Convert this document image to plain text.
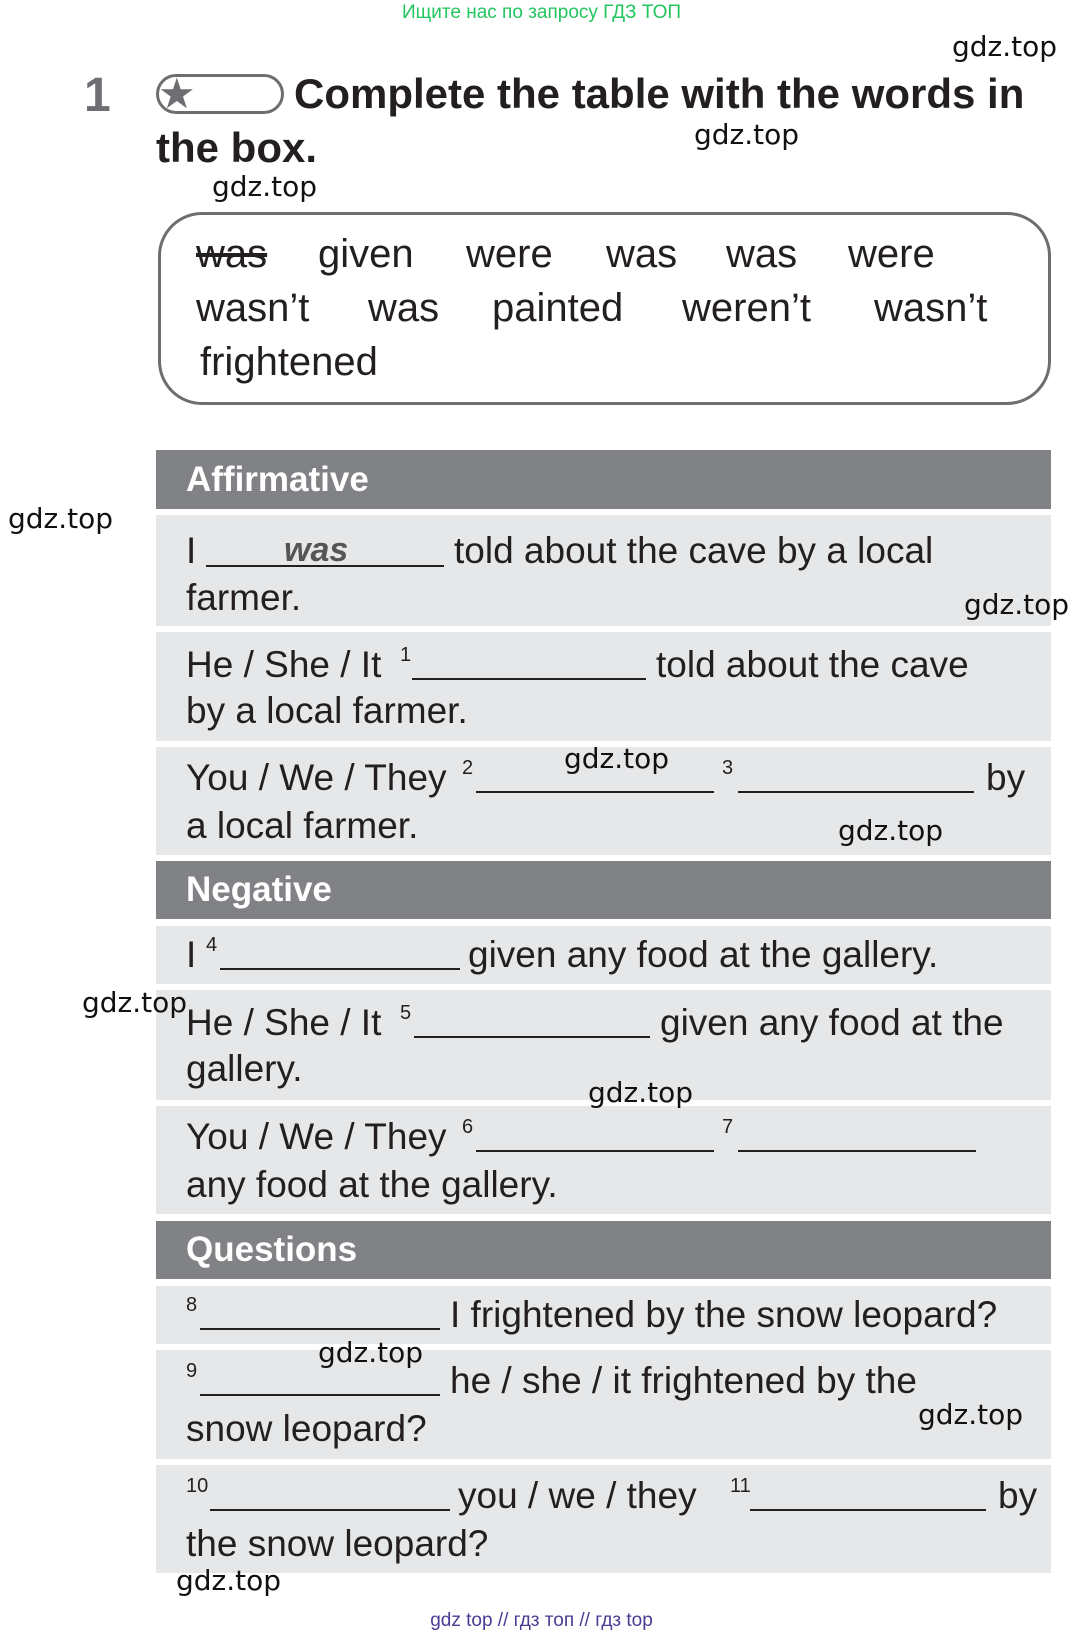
Ищите нас по запросу ГДЗ ТОП
1 ★ Complete the table with the words in
the box.
was given were was was were
wasn’t was painted weren’t wasn’t
frightened
Affirmative
I	was	told about the cave by a local
farmer.
He / She / It 1	told about the cave
by a local farmer.
You / We / They 2	3	by
a local farmer.
Negative
I 4	given any food at the gallery.
He / She / It 5	given any food at the
gallery.
You / We / They 6	7
any food at the gallery.
Questions
8	I frightened by the snow leopard?
9	he / she / it frightened by the
snow leopard?
10	you / we / they 11	by
the snow leopard?
gdz.top
gdz.top
gdz.top
gdz.top
gdz.top
gdz.top
gdz.top
gdz.top
gdz.top
gdz.top
gdz.top
gdz.top
gdz top // гдз топ // гдз top
